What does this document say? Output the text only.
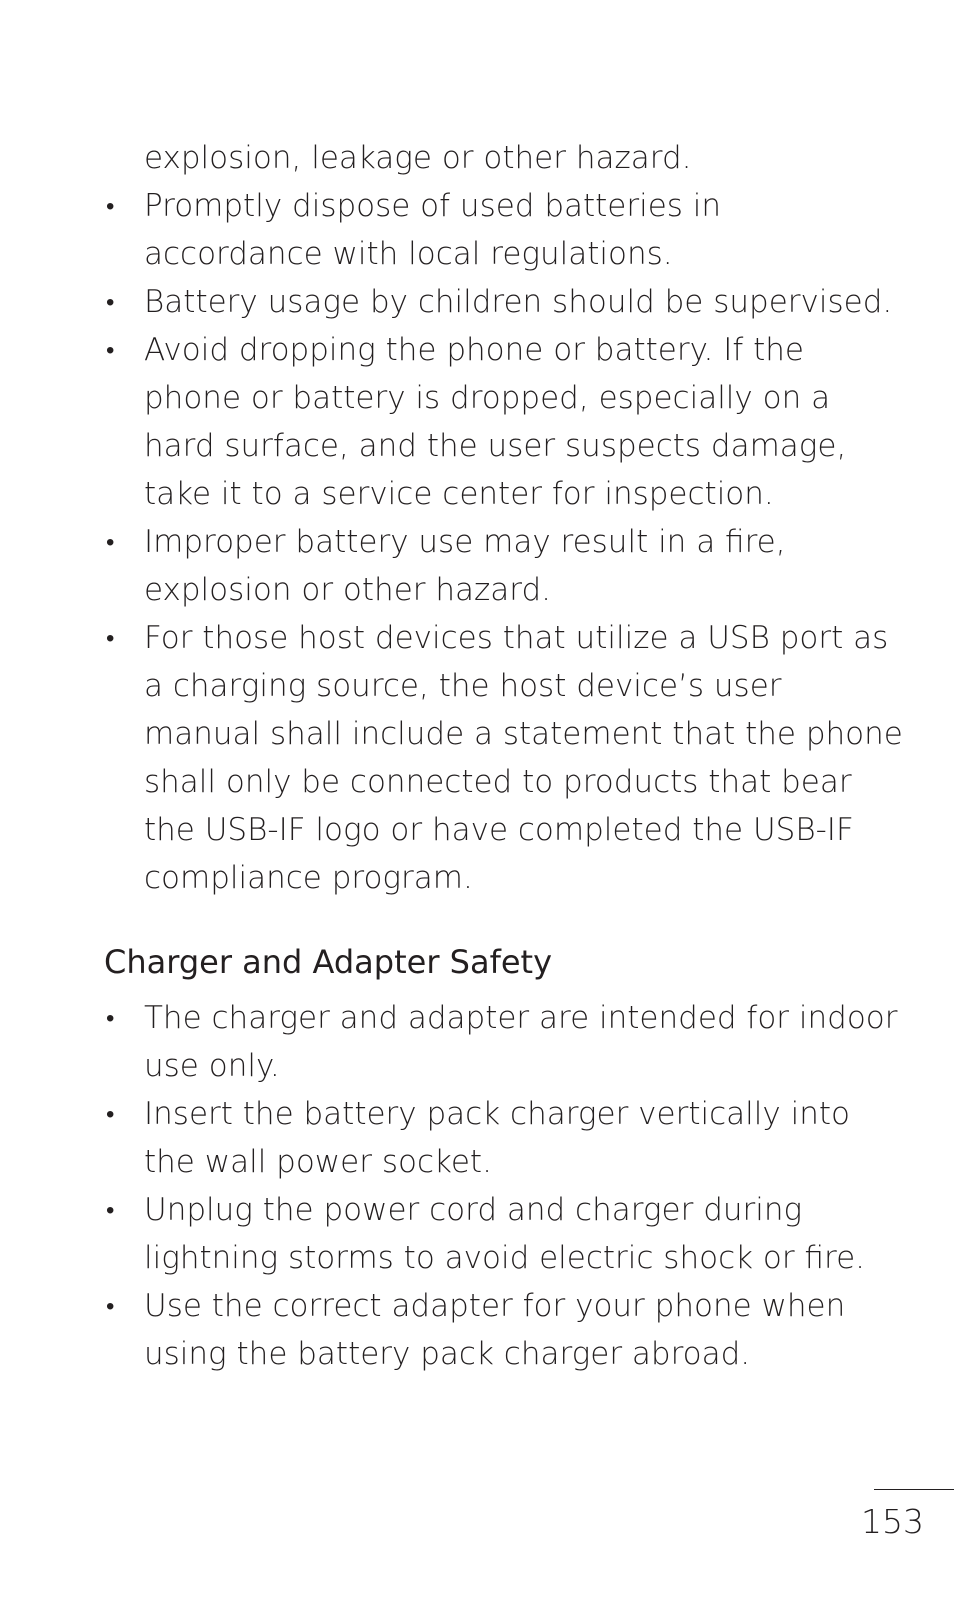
explosion, leakage or other hazard.

• Promptly dispose of used batteries in accordance with local regulations.
• Battery usage by children should be supervised.
• Avoid dropping the phone or battery. If the phone or battery is dropped, especially on a hard surface, and the user suspects damage, take it to a service center for inspection.
• Improper battery use may result in a fire, explosion or other hazard.
• For those host devices that utilize a USB port as a charging source, the host device’s user manual shall include a statement that the phone shall only be connected to products that bear the USB-IF logo or have completed the USB-IF compliance program.
Charger and Adapter Safety
• The charger and adapter are intended for indoor use only.
• Insert the battery pack charger vertically into the wall power socket.
• Unplug the power cord and charger during lightning storms to avoid electric shock or fire.
• Use the correct adapter for your phone when using the battery pack charger abroad.
153
